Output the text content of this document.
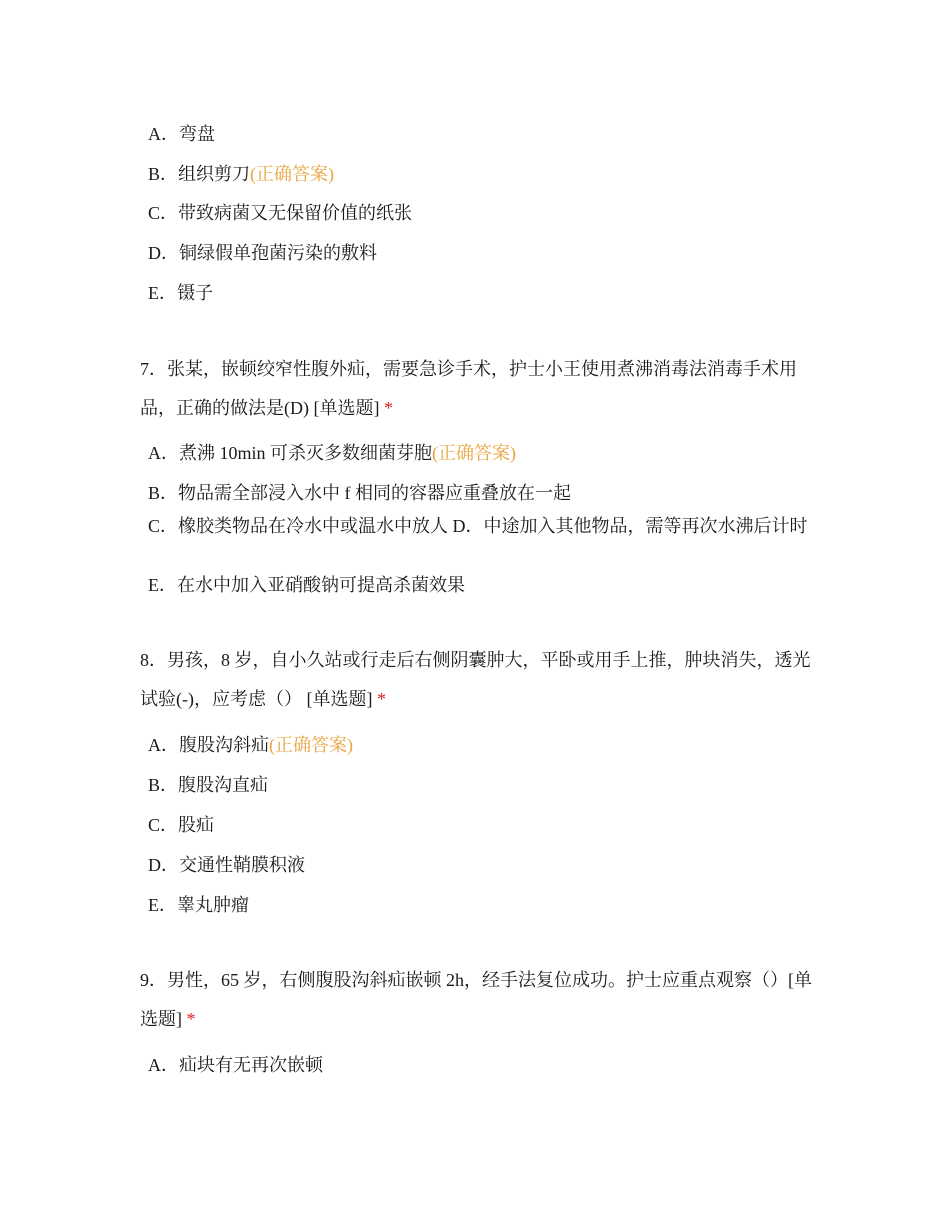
A．弯盘
B．组织剪刀(正确答案)
C．带致病菌又无保留价值的纸张
D．铜绿假单孢菌污染的敷料
E．镊子
7．张某，嵌顿绞窄性腹外疝，需要急诊手术，护士小王使用煮沸消毒法消毒手术用品，正确的做法是(D) [单选题] *
A．煮沸 10min 可杀灭多数细菌芽胞(正确答案)
B．物品需全部浸入水中 f 相同的容器应重叠放在一起
C．橡胶类物品在冷水中或温水中放人 D．中途加入其他物品，需等再次水沸后计时
E．在水中加入亚硝酸钠可提高杀菌效果
8．男孩，8 岁，自小久站或行走后右侧阴囊肿大，平卧或用手上推，肿块消失，透光试验(-)，应考虑（） [单选题] *
A．腹股沟斜疝(正确答案)
B．腹股沟直疝
C．股疝
D．交通性鞘膜积液
E．睾丸肿瘤
9．男性，65 岁，右侧腹股沟斜疝嵌顿 2h，经手法复位成功。护士应重点观察（）[单选题] *
A．疝块有无再次嵌顿
